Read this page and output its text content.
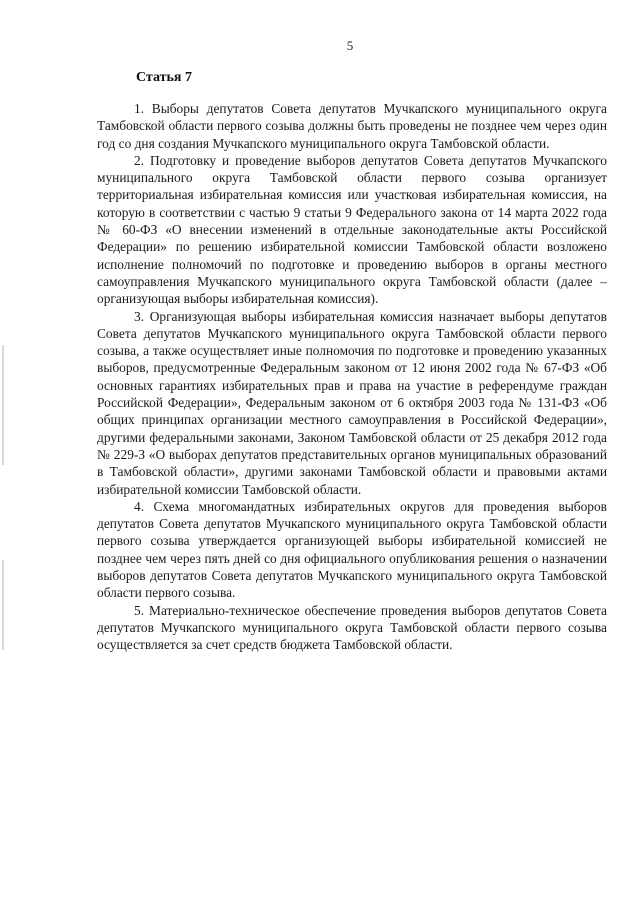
5
Статья 7

1. Выборы депутатов Совета депутатов Мучкапского муниципального округа Тамбовской области первого созыва должны быть проведены не позднее чем через один год со дня создания Мучкапского муниципального округа Тамбовской области.

2. Подготовку и проведение выборов депутатов Совета депутатов Мучкапского муниципального округа Тамбовской области первого созыва организует территориальная избирательная комиссия или участковая избирательная комиссия, на которую в соответствии с частью 9 статьи 9 Федерального закона от 14 марта 2022 года № 60-ФЗ «О внесении изменений в отдельные законодательные акты Российской Федерации» по решению избирательной комиссии Тамбовской области возложено исполнение полномочий по подготовке и проведению выборов в органы местного самоуправления Мучкапского муниципального округа Тамбовской области (далее – организующая выборы избирательная комиссия).

3. Организующая выборы избирательная комиссия назначает выборы депутатов Совета депутатов Мучкапского муниципального округа Тамбовской области первого созыва, а также осуществляет иные полномочия по подготовке и проведению указанных выборов, предусмотренные Федеральным законом от 12 июня 2002 года № 67-ФЗ «Об основных гарантиях избирательных прав и права на участие в референдуме граждан Российской Федерации», Федеральным законом от 6 октября 2003 года № 131-ФЗ «Об общих принципах организации местного самоуправления в Российской Федерации», другими федеральными законами, Законом Тамбовской области от 25 декабря 2012 года № 229-З «О выборах депутатов представительных органов муниципальных образований в Тамбовской области», другими законами Тамбовской области и правовыми актами избирательной комиссии Тамбовской области.

4. Схема многомандатных избирательных округов для проведения выборов депутатов Совета депутатов Мучкапского муниципального округа Тамбовской области первого созыва утверждается организующей выборы избирательной комиссией не позднее чем через пять дней со дня официального опубликования решения о назначении выборов депутатов Совета депутатов Мучкапского муниципального округа Тамбовской области первого созыва.

5. Материально-техническое обеспечение проведения выборов депутатов Совета депутатов Мучкапского муниципального округа Тамбовской области первого созыва осуществляется за счет средств бюджета Тамбовской области.
